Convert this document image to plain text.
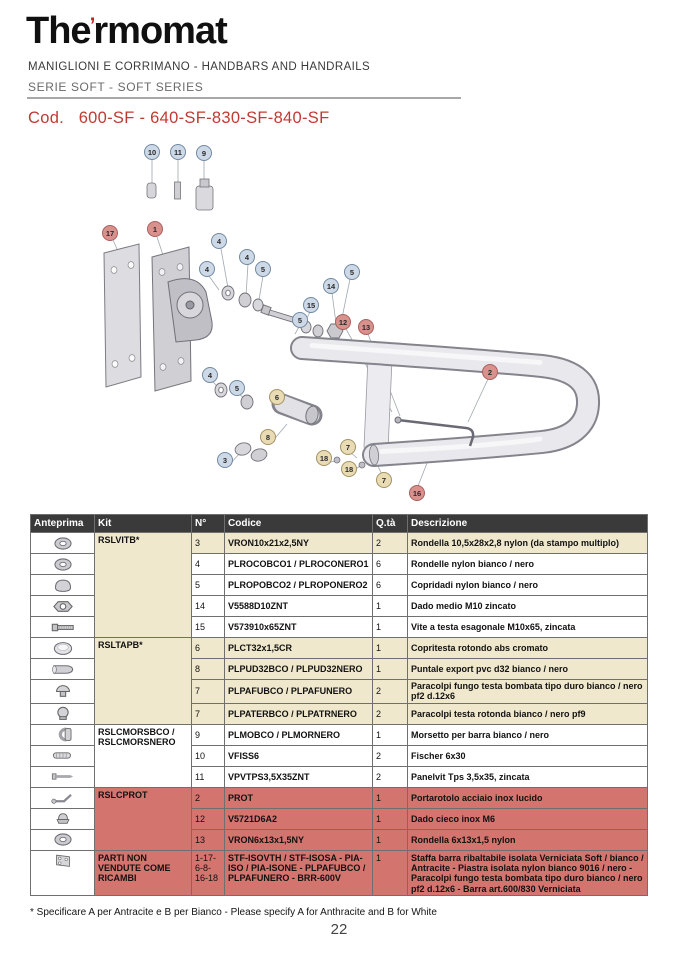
The’rmomat
MANIGLIONI E CORRIMANO - HANDBARS AND HANDRAILS
SERIE SOFT - SOFT SERIES
Cod.   600-SF - 640-SF-830-SF-840-SF
10	11	9
17	1
4
4
5
4	5
14
15
5	12
13
2
4
5
6
8
3	18
7
18
7
16
Anteprima	Kit	N°	Codice	Q.tà	Descrizione

	RSLVITB*	3	VRON10x21x2,5NY	2	Rondella 10,5x28x2,8 nylon (da stampo multiplo)

	4	PLROCOBCO1 / PLROCONERO1	6	Rondelle nylon bianco / nero

	5	PLROPOBCO2 / PLROPONERO2	6	Copridadi nylon bianco / nero

	14	V5588D10ZNT	1	Dado medio M10 zincato

	15	V573910x65ZNT	1	Vite a testa esagonale M10x65, zincata

	RSLTAPB*	6	PLCT32x1,5CR	1	Copritesta rotondo abs cromato

	8	PLPUD32BCO / PLPUD32NERO	1	Puntale export pvc d32 bianco / nero

	7	PLPAFUBCO / PLPAFUNERO	2	Paracolpi fungo testa bombata tipo duro bianco / nero pf2 d.12x6

	7	PLPATERBCO / PLPATRNERO	2	Paracolpi testa rotonda bianco / nero pf9

	RSLCMORSBCO / RSLCMORSNERO	9	PLMOBCO / PLMORNERO	1	Morsetto per barra bianco / nero

	10	VFISS6	2	Fischer 6x30

	11	VPVTPS3,5X35ZNT	2	Panelvit Tps 3,5x35, zincata

	RSLCPROT	2	PROT	1	Portarotolo acciaio inox lucido

	12	V5721D6A2	1	Dado cieco inox M6

	13	VRON6x13x1,5NY	1	Rondella 6x13x1,5 nylon

	PARTI NON VENDUTE COME RICAMBI	1-17-6-8-16-18	STF-ISOVTH / STF-ISOSA - PIA-ISO / PIA-ISONE - PLPAFUBCO / PLPAFUNERO - BRR-600V	1	Staffa barra ribaltabile isolata Verniciata Soft / bianco / Antracite - Piastra isolata nylon bianco 9016 / nero - Paracolpi fungo testa bombata tipo duro bianco / nero pf2 d.12x6 - Barra art.600/830 Verniciata
* Specificare A per Antracite e B per Bianco - Please specify A for Anthracite and B for White
22
